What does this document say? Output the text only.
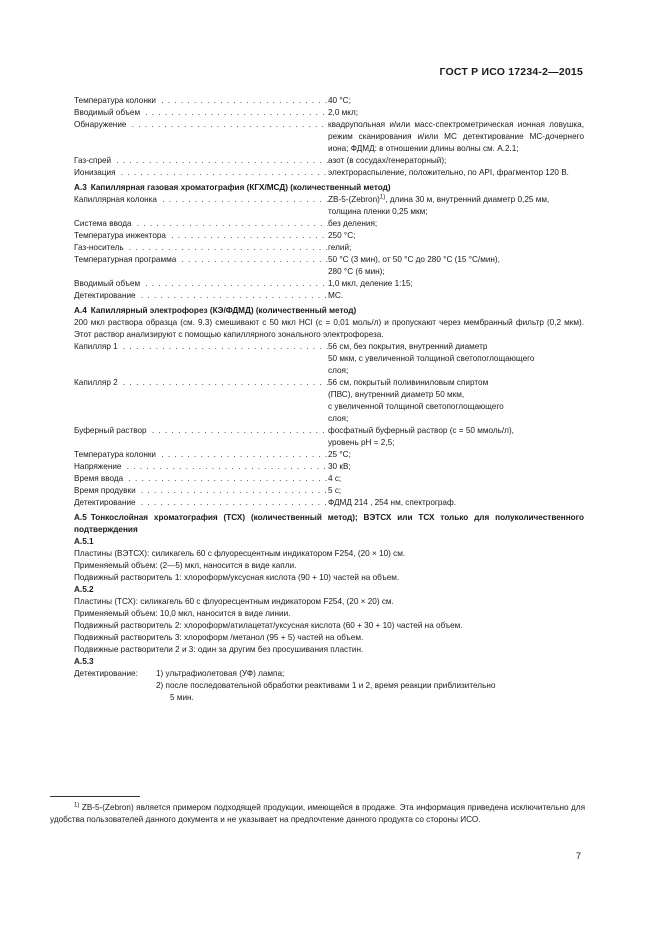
ГОСТ Р ИСО 17234-2—2015
Температура колонки . . .	40 °С;
Вводимый объем . . .	2,0 мкл;
Обнаружение . . .	квадрупольная и/или масс-спектрометрическая ионная ловушка, режим сканирования и/или МС детектирование МС-дочернего иона; ФДМД: в отношении длины волны см. А.2.1;
Газ-спрей . . .	азот (в сосудах/генераторный);
Ионизация . . .	электрораспыление, положительно, по API, фрагментор 120 В.
А.3 Капиллярная газовая хроматография (КГХ/МСД) (количественный метод)
Капиллярная колонка . . .	ZB-5-(Zebron)$^{1)}$, длина 30 м, внутренний диаметр 0,25 мм, толщина пленки 0,25 мкм;
Система ввода . . .	без деления;
Температура инжектора . . .	250 °С;
Газ-носитель . . .	гелий;
Температурная программа . . .	50 °С (3 мин), от 50 °С до 280 °С (15 °С/мин),
280 °С (6 мин);
Вводимый объем . . .	1,0 мкл, деление 1:15;
Детектирование . . .	МС.
А.4 Капиллярный электрофорез (КЭ/ФДМД) (количественный метод)
200 мкл раствора образца (см. 9.3) смешивают с 50 мкл HCl (c = 0,01 моль/л) и пропускают через мембранный фильтр (0,2 мкм). Этот раствор анализируют с помощью капиллярного зонального электрофореза.
Капилляр 1 . . .	56 см, без покрытия, внутренний диаметр
50 мкм, с увеличенной толщиной светопоглощающего
слоя;
Капилляр 2 . . .	56 см, покрытый поливиниловым спиртом
(ПВС), внутренний диаметр 50 мкм,
с увеличенной толщиной светопоглощающего
слоя;
Буферный раствор . . .	фосфатный буферный раствор (c = 50 ммоль/л),
уровень pH = 2,5;
Температура колонки . . .	25 °С;
Напряжение . . .	30 кВ;
Время ввода . . .	4 с;
Время продувки . . .	5 с;
Детектирование . . .	ФДМД 214 , 254 нм, спектрограф.
А.5 Тонкослойная хроматография (ТСХ) (количественный метод); ВЭТСХ или ТСХ только для полуколичественного подтверждения
А.5.1
Пластины (ВЭТСХ): силикагель 60 с флуоресцентным индикатором F254, (20 × 10) см.
Применяемый объем: (2—5) мкл, наносится в виде капли.
Подвижный растворитель 1: хлороформ/уксусная кислота (90 + 10) частей на объем.
А.5.2
Пластины (ТСХ): силикагель 60 с флуоресцентным индикатором F254, (20 × 20) см.
Применяемый объем: 10,0 мкл, наносится в виде линии.
Подвижный растворитель 2: хлороформ/атилацетат/уксусная кислота (60 + 30 + 10) частей на объем.
Подвижный растворитель 3: хлороформ /метанол (95 + 5) частей на объем.
Подвижные растворители 2 и 3: один за другим без просушивания пластин.
А.5.3
Детектирование:	1) ультрафиолетовая (УФ) лампа;
2) после последовательной обработки реактивами 1 и 2, время реакции приблизительно
5 мин.
$^{1)}$ ZB-5-(Zebron) является примером подходящей продукции, имеющейся в продаже. Эта информация приведена исключительно для удобства пользователей данного документа и не указывает на предпочтение данного продукта со стороны ИСО.
7
